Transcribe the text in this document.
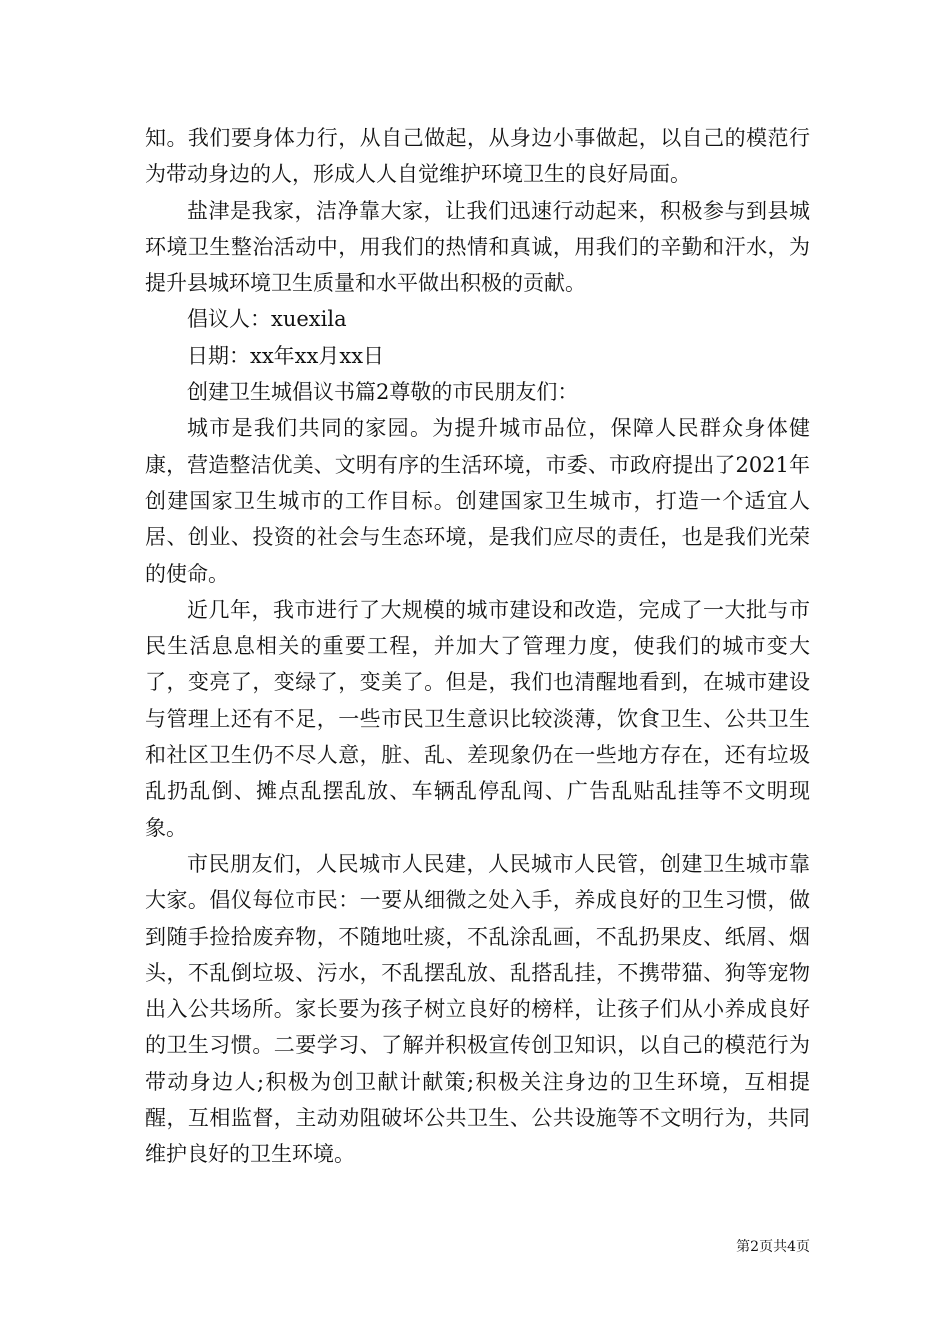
知。我们要身体力行，从自己做起，从身边小事做起，以自己的模范行为带动身边的人，形成人人自觉维护环境卫生的良好局面。

盐津是我家，洁净靠大家，让我们迅速行动起来，积极参与到县城环境卫生整治活动中，用我们的热情和真诚，用我们的辛勤和汗水，为提升县城环境卫生质量和水平做出积极的贡献。

倡议人：xuexila

日期：xx年xx月xx日

创建卫生城倡议书篇2尊敬的市民朋友们：

城市是我们共同的家园。为提升城市品位，保障人民群众身体健康，营造整洁优美、文明有序的生活环境，市委、市政府提出了2021年创建国家卫生城市的工作目标。创建国家卫生城市，打造一个适宜人居、创业、投资的社会与生态环境，是我们应尽的责任，也是我们光荣的使命。

近几年，我市进行了大规模的城市建设和改造，完成了一大批与市民生活息息相关的重要工程，并加大了管理力度，使我们的城市变大了，变亮了，变绿了，变美了。但是，我们也清醒地看到，在城市建设与管理上还有不足，一些市民卫生意识比较淡薄，饮食卫生、公共卫生和社区卫生仍不尽人意，脏、乱、差现象仍在一些地方存在，还有垃圾乱扔乱倒、摊点乱摆乱放、车辆乱停乱闯、广告乱贴乱挂等不文明现象。

市民朋友们，人民城市人民建，人民城市人民管，创建卫生城市靠大家。倡仪每位市民：一要从细微之处入手，养成良好的卫生习惯，做到随手捡拾废弃物，不随地吐痰，不乱涂乱画，不乱扔果皮、纸屑、烟头，不乱倒垃圾、污水，不乱摆乱放、乱搭乱挂，不携带猫、狗等宠物出入公共场所。家长要为孩子树立良好的榜样，让孩子们从小养成良好的卫生习惯。二要学习、了解并积极宣传创卫知识，以自己的模范行为带动身边人;积极为创卫献计献策;积极关注身边的卫生环境，互相提醒，互相监督，主动劝阻破坏公共卫生、公共设施等不文明行为，共同维护良好的卫生环境。

第2页共4页
